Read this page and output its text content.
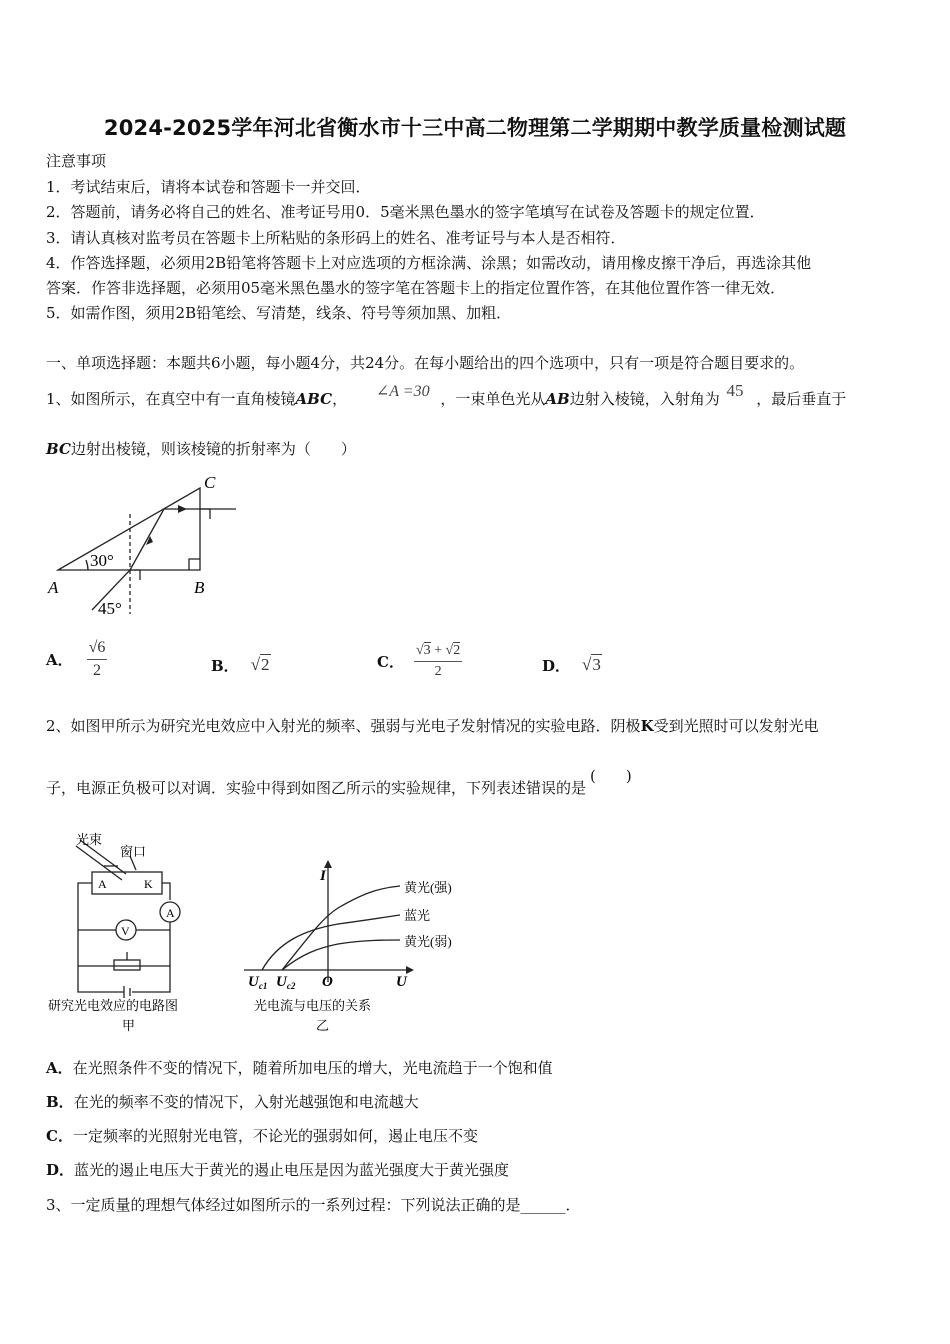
2024-2025学年河北省衡水市十三中高二物理第二学期期中教学质量检测试题
注意事项
1．考试结束后，请将本试卷和答题卡一并交回．
2．答题前，请务必将自己的姓名、准考证号用0．5毫米黑色墨水的签字笔填写在试卷及答题卡的规定位置．
3．请认真核对监考员在答题卡上所粘贴的条形码上的姓名、准考证号与本人是否相符．
4．作答选择题，必须用2B铅笔将答题卡上对应选项的方框涂满、涂黑；如需改动，请用橡皮擦干净后，再选涂其他
答案．作答非选择题，必须用05毫米黑色墨水的签字笔在答题卡上的指定位置作答，在其他位置作答一律无效．
5．如需作图，须用2B铅笔绘、写清楚，线条、符号等须加黑、加粗．
一、单项选择题：本题共6小题，每小题4分，共24分。在每小题给出的四个选项中，只有一项是符合题目要求的。
1、如图所示，在真空中有一直角棱镜ABC， ∠A =30 ，一束单色光从AB边射入棱镜，入射角为 45 ，最后垂直于
BC边射出棱镜，则该棱镜的折射率为（　　）
A	B
C
30°
45°
A． $\frac{√6}{2}$	B． √2	C． $\frac{√3 + √2}{2}$	D． √3
2、如图甲所示为研究光电效应中入射光的频率、强弱与光电子发射情况的实验电路．阴极K受到光照时可以发射光电
子，电源正负极可以对调．实验中得到如图乙所示的实验规律，下列表述错误的是(　　)
光束
窗口
A	K
A
V
研究光电效应的电路图
甲
I
U
O
$U_{c1}$ $U_{c2}$
黄光(强)
蓝光
黄光(弱)
光电流与电压的关系
乙
A．在光照条件不变的情况下，随着所加电压的增大，光电流趋于一个饱和值
B．在光的频率不变的情况下，入射光越强饱和电流越大
C．一定频率的光照射光电管，不论光的强弱如何，遏止电压不变
D．蓝光的遏止电压大于黄光的遏止电压是因为蓝光强度大于黄光强度
3、一定质量的理想气体经过如图所示的一系列过程：下列说法正确的是______．
